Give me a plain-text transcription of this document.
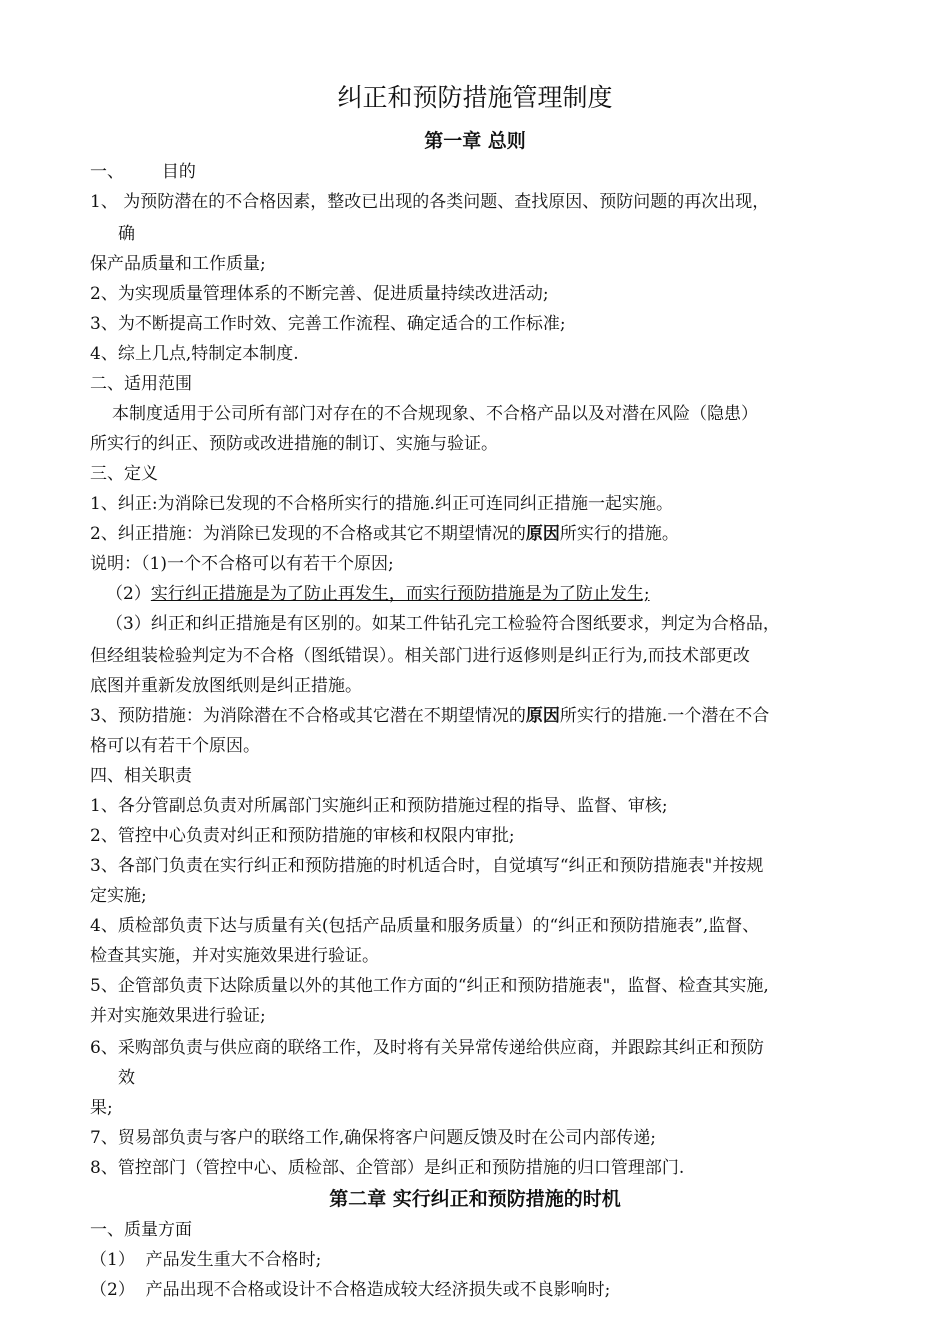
纠正和预防措施管理制度
第一章 总则
一、       目的
1、 为预防潜在的不合格因素，整改已出现的各类问题、查找原因、预防问题的再次出现，
确
保产品质量和工作质量;
2、为实现质量管理体系的不断完善、促进质量持续改进活动;
3、为不断提高工作时效、完善工作流程、确定适合的工作标准;
4、综上几点,特制定本制度.
二、适用范围
本制度适用于公司所有部门对存在的不合规现象、不合格产品以及对潜在风险（隐患）
所实行的纠正、预防或改进措施的制订、实施与验证。
三、定义
1、纠正:为消除已发现的不合格所实行的措施.纠正可连同纠正措施一起实施。
2、纠正措施：为消除已发现的不合格或其它不期望情况的原因所实行的措施。
说明：（1)一个不合格可以有若干个原因;
（2）实行纠正措施是为了防止再发生，而实行预防措施是为了防止发生;
（3）纠正和纠正措施是有区别的。如某工件钻孔完工检验符合图纸要求，判定为合格品，
但经组装检验判定为不合格（图纸错误）。相关部门进行返修则是纠正行为,而技术部更改
底图并重新发放图纸则是纠正措施。
3、预防措施：为消除潜在不合格或其它潜在不期望情况的原因所实行的措施.一个潜在不合
格可以有若干个原因。
四、相关职责
1、各分管副总负责对所属部门实施纠正和预防措施过程的指导、监督、审核;
2、管控中心负责对纠正和预防措施的审核和权限内审批;
3、各部门负责在实行纠正和预防措施的时机适合时，自觉填写“纠正和预防措施表"并按规
定实施;
4、质检部负责下达与质量有关(包括产品质量和服务质量）的“纠正和预防措施表”,监督、
检查其实施，并对实施效果进行验证。
5、企管部负责下达除质量以外的其他工作方面的“纠正和预防措施表"，监督、检查其实施,
并对实施效果进行验证;
6、采购部负责与供应商的联络工作，及时将有关异常传递给供应商，并跟踪其纠正和预防
效
果;
7、贸易部负责与客户的联络工作,确保将客户问题反馈及时在公司内部传递;
8、管控部门（管控中心、质检部、企管部）是纠正和预防措施的归口管理部门.
第二章 实行纠正和预防措施的时机
一、质量方面
（1）  产品发生重大不合格时;
（2）  产品出现不合格或设计不合格造成较大经济损失或不良影响时;
